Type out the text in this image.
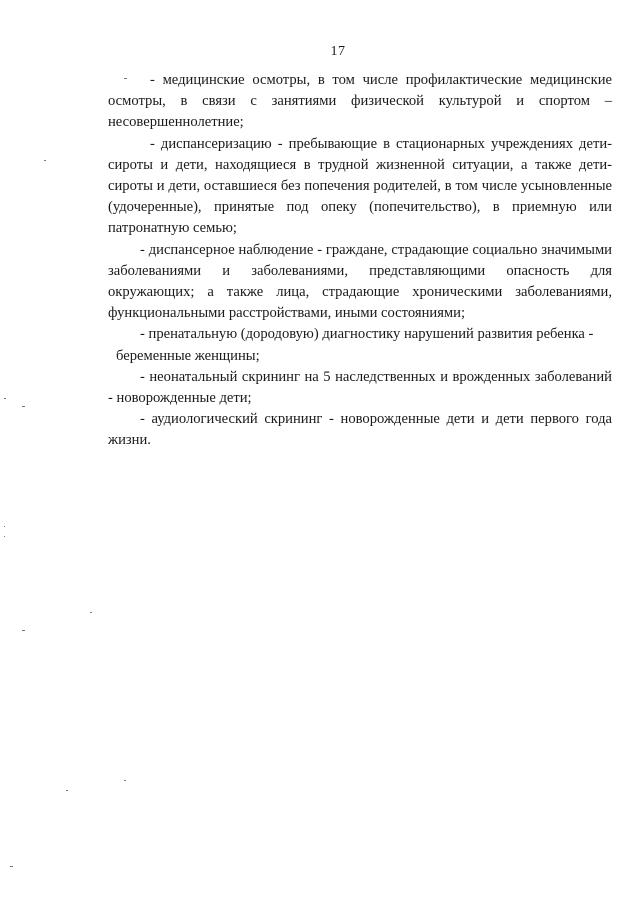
17

- медицинские осмотры, в том числе профилактические медицинские осмотры, в связи с занятиями физической культурой и спортом – несовершеннолетние;

- диспансеризацию - пребывающие в стационарных учреждениях дети-сироты и дети, находящиеся в трудной жизненной ситуации, а также дети-сироты и дети, оставшиеся без попечения родителей, в том числе усыновленные (удочеренные), принятые под опеку (попечительство), в приемную или патронатную семью;

- диспансерное наблюдение - граждане, страдающие социально значимыми заболеваниями и заболеваниями, представляющими опасность для окружающих; а также лица, страдающие хроническими заболеваниями, функциональными расстройствами, иными состояниями;

- пренатальную (дородовую) диагностику нарушений развития ребенка -

беременные женщины;

- неонатальный скрининг на 5 наследственных и врожденных заболеваний - новорожденные дети;

- аудиологический скрининг - новорожденные дети и дети первого года жизни.
